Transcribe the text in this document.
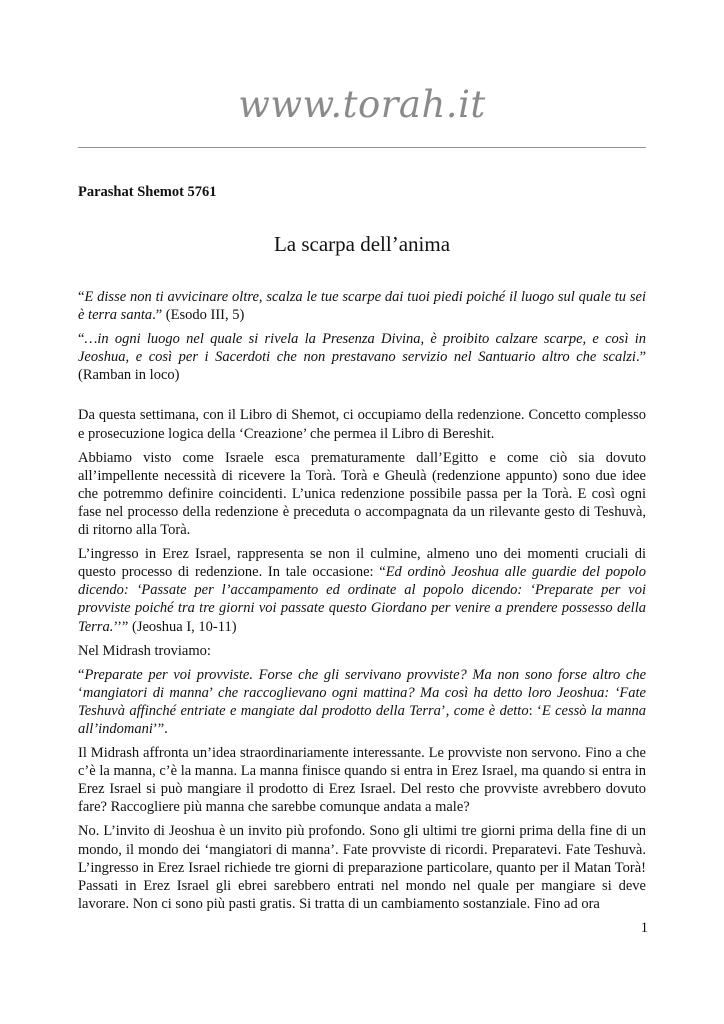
www.torah.it
Parashat Shemot 5761
La scarpa dell’anima

“E disse non ti avvicinare oltre, scalza le tue scarpe dai tuoi piedi poiché il luogo sul quale tu sei è terra santa.” (Esodo III, 5)

“…in ogni luogo nel quale si rivela la Presenza Divina, è proibito calzare scarpe, e così in Jeoshua, e così per i Sacerdoti che non prestavano servizio nel Santuario altro che scalzi.” (Ramban in loco)

Da questa settimana, con il Libro di Shemot, ci occupiamo della redenzione. Concetto complesso e prosecuzione logica della ‘Creazione’ che permea il Libro di Bereshit.

Abbiamo visto come Israele esca prematuramente dall’Egitto e come ciò sia dovuto all’impellente necessità di ricevere la Torà. Torà e Gheulà (redenzione appunto) sono due idee che potremmo definire coincidenti. L’unica redenzione possibile passa per la Torà. E così ogni fase nel processo della redenzione è preceduta o accompagnata da un rilevante gesto di Teshuvà, di ritorno alla Torà.

L’ingresso in Erez Israel, rappresenta se non il culmine, almeno uno dei momenti cruciali di questo processo di redenzione. In tale occasione: “Ed ordinò Jeoshua alle guardie del popolo dicendo: ‘Passate per l’accampamento ed ordinate al popolo dicendo: ‘Preparate per voi provviste poiché tra tre giorni voi passate questo Giordano per venire a prendere possesso della Terra.’’” (Jeoshua I, 10-11)

Nel Midrash troviamo:

“Preparate per voi provviste. Forse che gli servivano provviste? Ma non sono forse altro che ‘mangiatori di manna’ che raccoglievano ogni mattina? Ma così ha detto loro Jeoshua: ‘Fate Teshuvà affinché entriate e mangiate dal prodotto della Terra’, come è detto: ‘E cessò la manna all’indomani’”.

Il Midrash affronta un’idea straordinariamente interessante. Le provviste non servono. Fino a che c’è la manna, c’è la manna. La manna finisce quando si entra in Erez Israel, ma quando si entra in Erez Israel si può mangiare il prodotto di Erez Israel. Del resto che provviste avrebbero dovuto fare? Raccogliere più manna che sarebbe comunque andata a male?

No. L’invito di Jeoshua è un invito più profondo. Sono gli ultimi tre giorni prima della fine di un mondo, il mondo dei ‘mangiatori di manna’. Fate provviste di ricordi. Preparatevi. Fate Teshuvà. L’ingresso in Erez Israel richiede tre giorni di preparazione particolare, quanto per il Matan Torà! Passati in Erez Israel gli ebrei sarebbero entrati nel mondo nel quale per mangiare si deve lavorare. Non ci sono più pasti gratis. Si tratta di un cambiamento sostanziale. Fino ad ora

1
